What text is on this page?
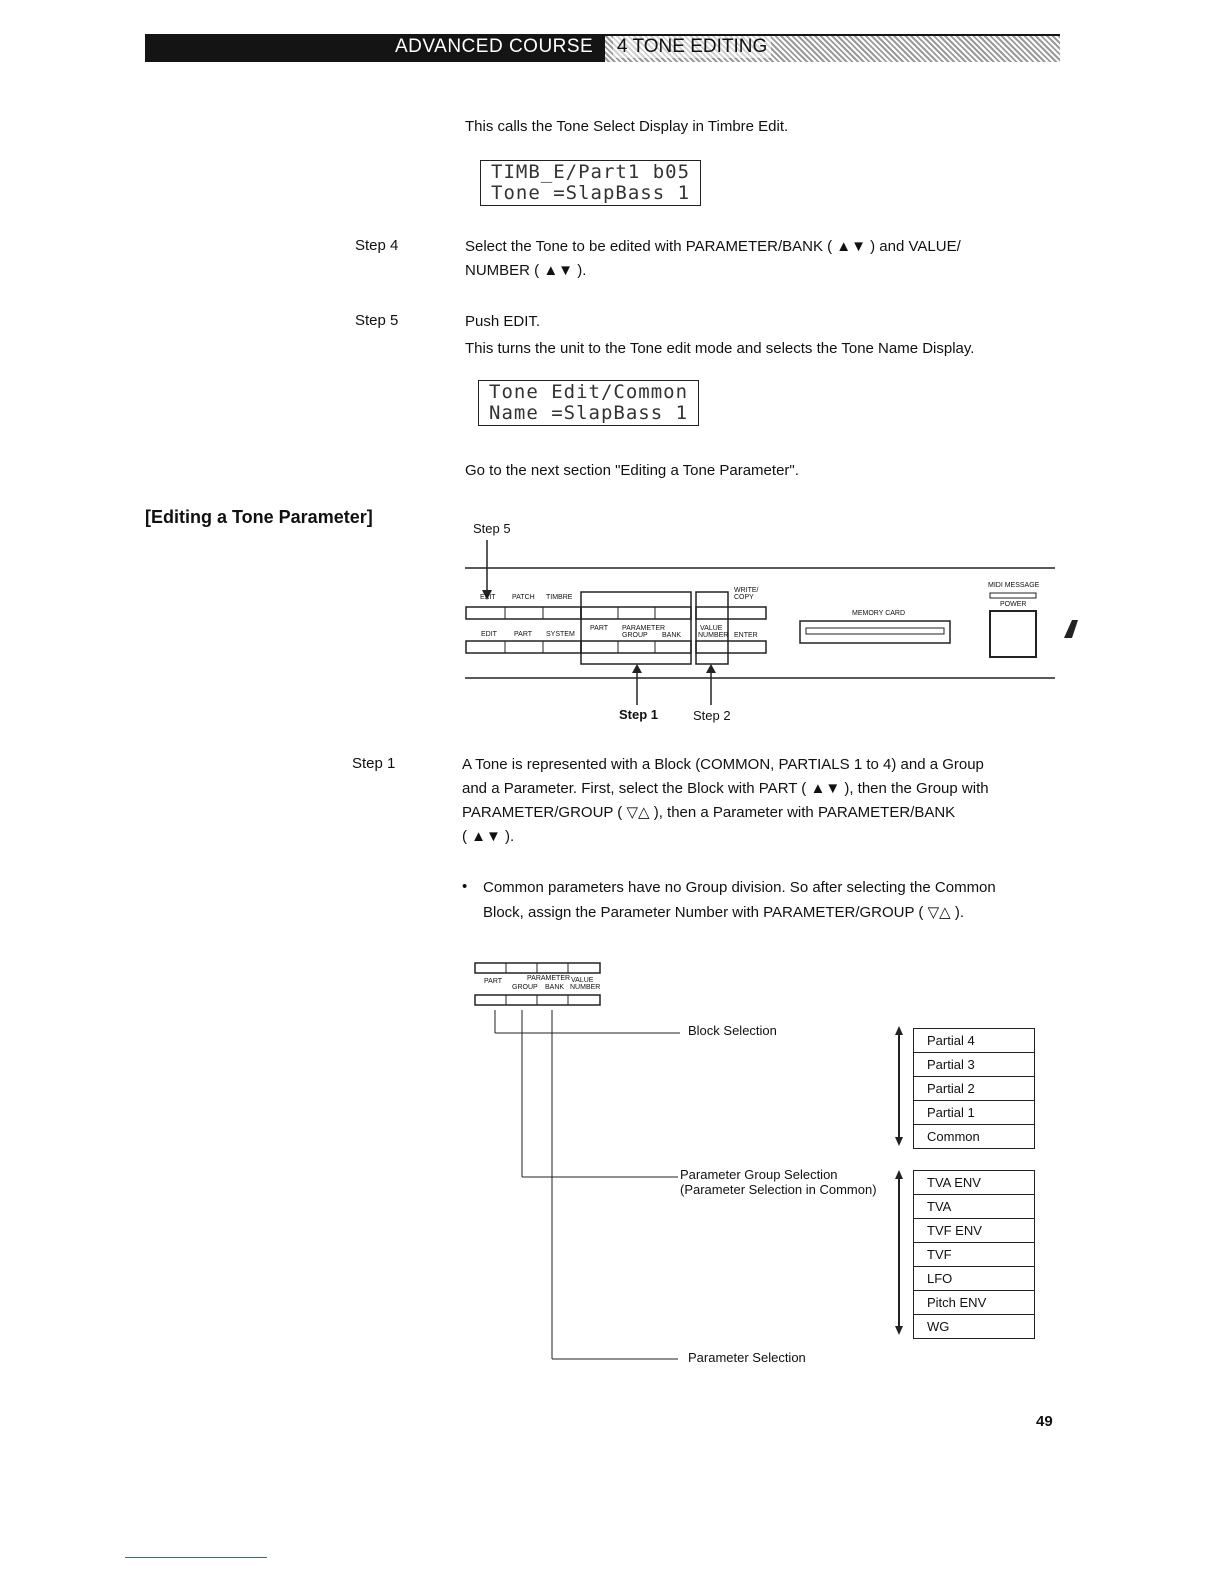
ADVANCED COURSE 4 TONE EDITING
This calls the Tone Select Display in Timbre Edit.
TIMB_E/Part1 b05
Tone =SlapBass 1
Step 4	Select the Tone to be edited with PARAMETER/BANK ( ▲▼ ) and VALUE/
NUMBER ( ▲▼ ).
Step 5	Push EDIT.
This turns the unit to the Tone edit mode and selects the Tone Name Display.
Tone Edit/Common
Name =SlapBass 1
Go to the next section "Editing a Tone Parameter".
[Editing a Tone Parameter]
Step 5
EXIT PATCH TIMBRE
EDIT PART SYSTEM
PART PARAMETER
GROUP BANK
VALUE
NUMBER ENTER
WRITE/
COPY
MEMORY CARD
MIDI MESSAGE
POWER
Step 1	Step 2
Step 1	A Tone is represented with a Block (COMMON, PARTIALS 1 to 4) and a Group
and a Parameter. First, select the Block with PART ( ▲▼ ), then the Group with
PARAMETER/GROUP ( ▽△ ), then a Parameter with PARAMETER/BANK
( ▲▼ ).
• Common parameters have no Group division. So after selecting the Common
Block, assign the Parameter Number with PARAMETER/GROUP ( ▽△ ).
PART	PARAMETER
GROUP BANK
VALUE
NUMBER
Block Selection
Parameter Group Selection
(Parameter Selection in Common)
Parameter Selection
Partial 4
Partial 3
Partial 2
Partial 1
Common
TVA ENV
TVA
TVF ENV
TVF
LFO
Pitch ENV
WG
49
